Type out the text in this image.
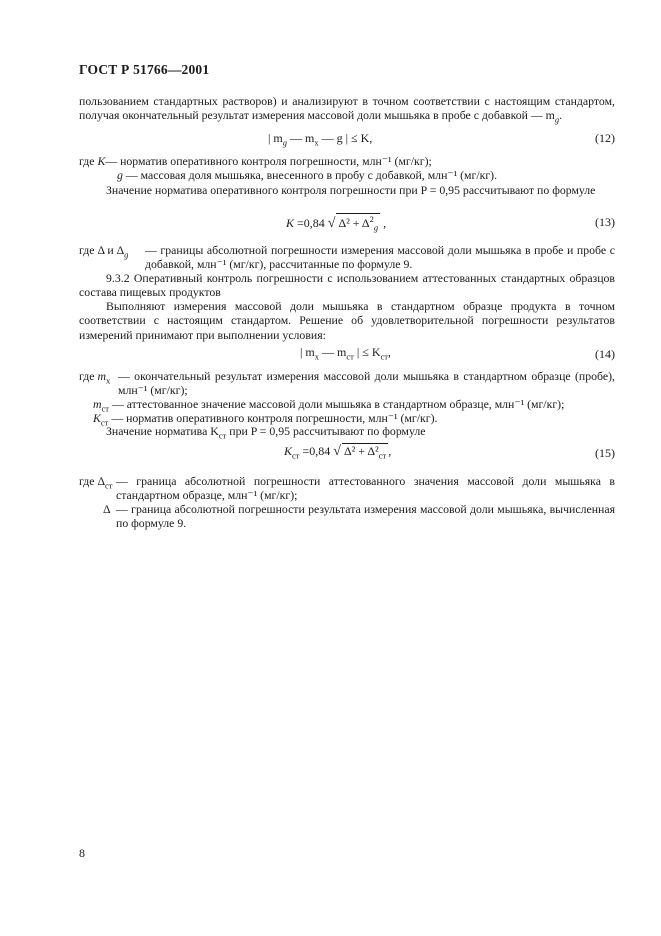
ГОСТ Р 51766—2001
пользованием стандартных растворов) и анализируют в точном соответствии с настоящим стандартом, получая окончательный результат измерения массовой доли мышьяка в пробе с добавкой — $m_g$.
| $m_g$ — $m_x$ — g | ≤ K,	(12)
где K— норматив оперативного контроля погрешности, млн⁻¹ (мг/кг);
g — массовая доля мышьяка, внесенного в пробу с добавкой, млн⁻¹ (мг/кг).
Значение норматива оперативного контроля погрешности при P = 0,95 рассчитывают по формуле
K =0,84 √ $\Delta^2 + \Delta^2_g$ ,	(13)
где Δ и $\Delta_g$ — границы абсолютной погрешности измерения массовой доли мышьяка в пробе и пробе с добавкой, млн⁻¹ (мг/кг), рассчитанные по формуле 9.
9.3.2 Оперативный контроль погрешности с использованием аттестованных стандартных образцов состава пищевых продуктов
Выполняют измерения массовой доли мышьяка в стандартном образце продукта в точном соответствии с настоящим стандартом. Решение об удовлетворительной погрешности результатов измерений принимают при выполнении условия:
| $m_x$ — $m_{ст}$ | ≤ $K_{ст}$,	(14)
где $m_x$ — окончательный результат измерения массовой доли мышьяка в стандартном образце (пробе), млн⁻¹ (мг/кг);
$m_{ст}$ — аттестованное значение массовой доли мышьяка в стандартном образце, млн⁻¹ (мг/кг);
$K_{ст}$ — норматив оперативного контроля погрешности, млн⁻¹ (мг/кг).
Значение норматива $K_{ст}$ при P = 0,95 рассчитывают по формуле
$K_{ст} =0,84$ √ $\Delta^2 + \Delta^2_{ст}$ ,	(15)
где $\Delta_{ст}$ — граница абсолютной погрешности аттестованного значения массовой доли мышьяка в стандартном образце, млн⁻¹ (мг/кг);
Δ — граница абсолютной погрешности результата измерения массовой доли мышьяка, вычисленная по формуле 9.
8
